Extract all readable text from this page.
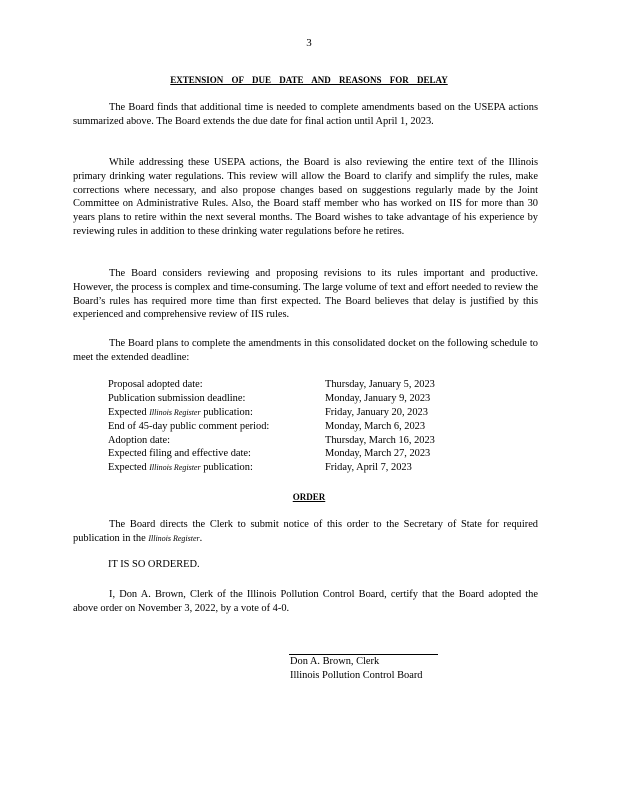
3
EXTENSION OF DUE DATE AND REASONS FOR DELAY

The Board finds that additional time is needed to complete amendments based on the USEPA actions summarized above. The Board extends the due date for final action until April 1, 2023.

While addressing these USEPA actions, the Board is also reviewing the entire text of the Illinois primary drinking water regulations. This review will allow the Board to clarify and simplify the rules, make corrections where necessary, and also propose changes based on suggestions regularly made by the Joint Committee on Administrative Rules. Also, the Board staff member who has worked on IIS for more than 30 years plans to retire within the next several months. The Board wishes to take advantage of his experience by reviewing rules in addition to these drinking water regulations before he retires.

The Board considers reviewing and proposing revisions to its rules important and productive. However, the process is complex and time-consuming. The large volume of text and effort needed to review the Board’s rules has required more time than first expected. The Board believes that delay is justified by this experienced and comprehensive review of IIS rules.

The Board plans to complete the amendments in this consolidated docket on the following schedule to meet the extended deadline:

Proposal adopted date:	Thursday, January 5, 2023
Publication submission deadline:	Monday, January 9, 2023
Expected Illinois Register publication:	Friday, January 20, 2023
End of 45-day public comment period:	Monday, March 6, 2023
Adoption date:	Thursday, March 16, 2023
Expected filing and effective date:	Monday, March 27, 2023
Expected Illinois Register publication:	Friday, April 7, 2023
ORDER

The Board directs the Clerk to submit notice of this order to the Secretary of State for required publication in the Illinois Register.

IT IS SO ORDERED.

I, Don A. Brown, Clerk of the Illinois Pollution Control Board, certify that the Board adopted the above order on November 3, 2022, by a vote of 4-0.

Don A. Brown, Clerk

Illinois Pollution Control Board
